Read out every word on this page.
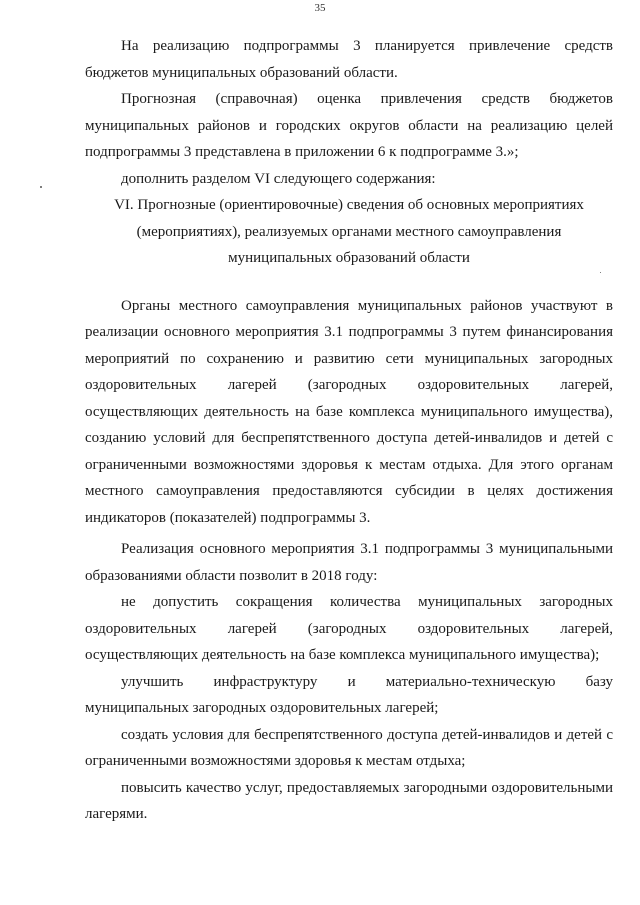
35

На реализацию подпрограммы 3 планируется привлечение средств бюджетов муниципальных образований области.

Прогнозная (справочная) оценка привлечения средств бюджетов муниципальных районов и городских округов области на реализацию целей подпрограммы 3 представлена в приложении 6 к подпрограмме 3.»;

дополнить разделом VI следующего содержания:

VI. Прогнозные (ориентировочные) сведения об основных мероприятиях

(мероприятиях), реализуемых органами местного самоуправления

муниципальных образований области

Органы местного самоуправления муниципальных районов участвуют в реализации основного мероприятия 3.1 подпрограммы 3 путем финансирования мероприятий по сохранению и развитию сети муниципальных загородных оздоровительных лагерей (загородных оздоровительных лагерей, осуществляющих деятельность на базе комплекса муниципального имущества), созданию условий для беспрепятственного доступа детей-инвалидов и детей с ограниченными возможностями здоровья к местам отдыха. Для этого органам местного самоуправления предоставляются субсидии в целях достижения индикаторов (показателей) подпрограммы 3.

Реализация основного мероприятия 3.1 подпрограммы 3 муниципальными образованиями области позволит в 2018 году:

не допустить сокращения количества муниципальных загородных оздоровительных лагерей (загородных оздоровительных лагерей, осуществляющих деятельность на базе комплекса муниципального имущества);

улучшить инфраструктуру и материально-техническую базу муниципальных загородных оздоровительных лагерей;

создать условия для беспрепятственного доступа детей-инвалидов и детей с ограниченными возможностями здоровья к местам отдыха;

повысить качество услуг, предоставляемых загородными оздоровительными лагерями.
